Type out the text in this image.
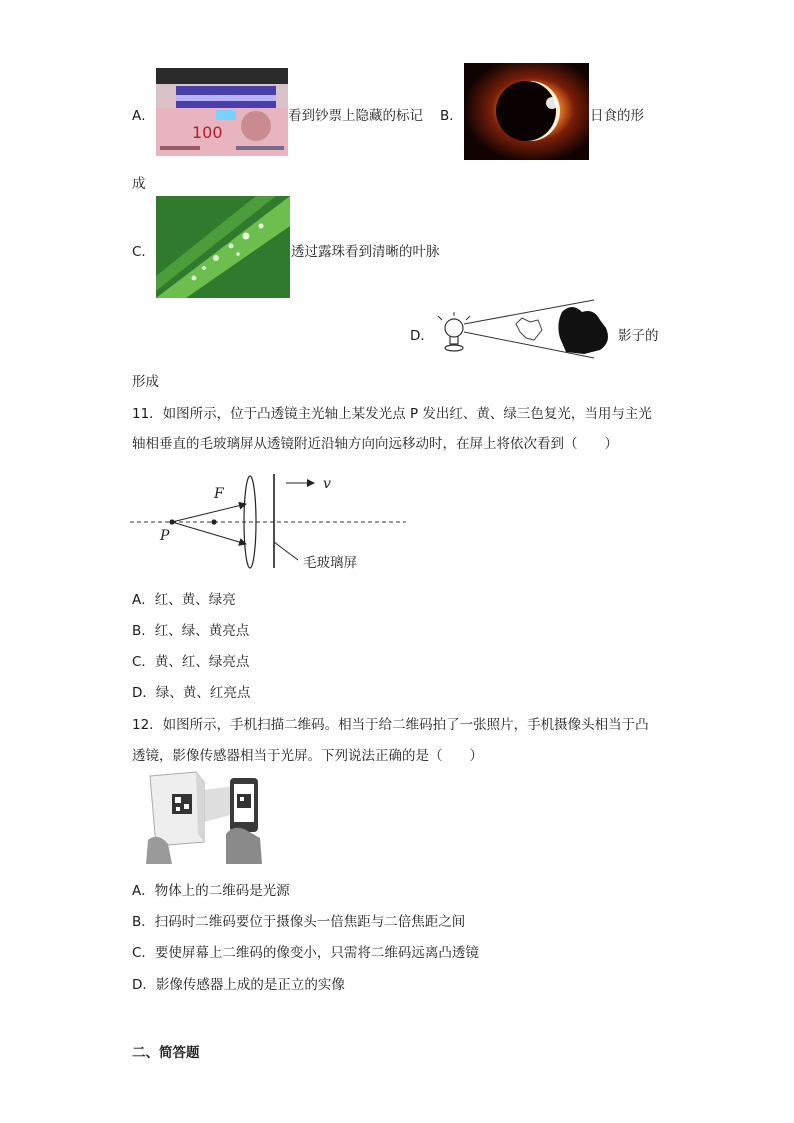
A．
100
看到钞票上隐藏的标记 B．	日食的形
成
C．	透过露珠看到清晰的叶脉
D．	影子的
形成
11．如图所示，位于凸透镜主光轴上某发光点 P 发出红、黄、绿三色复光，当用与主光
轴相垂直的毛玻璃屏从透镜附近沿轴方向向远移动时，在屏上将依次看到（　　）
F
P
v
毛玻璃屏
A．红、黄、绿亮
B．红、绿、黄亮点
C．黄、红、绿亮点
D．绿、黄、红亮点
12．如图所示，手机扫描二维码。相当于给二维码拍了一张照片，手机摄像头相当于凸
透镜，影像传感器相当于光屏。下列说法正确的是（　　）
A．物体上的二维码是光源
B．扫码时二维码要位于摄像头一倍焦距与二倍焦距之间
C．要使屏幕上二维码的像变小，只需将二维码远离凸透镜
D．影像传感器上成的是正立的实像
二、简答题
